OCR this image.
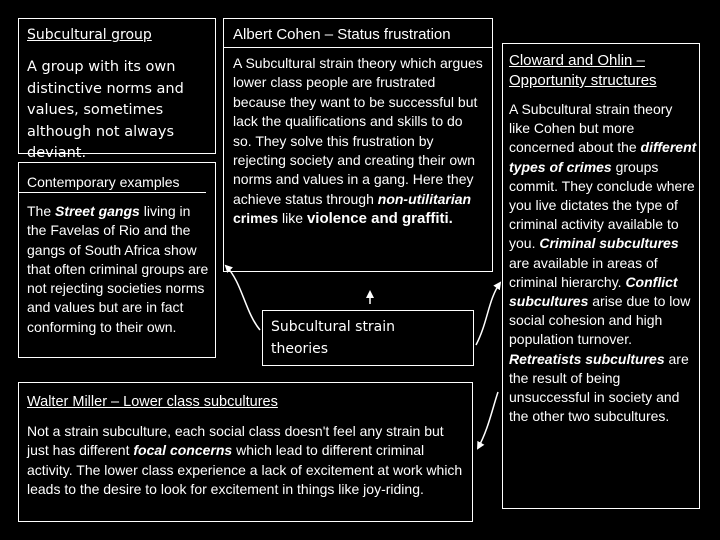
Subcultural group

A group with its own distinctive norms and values, sometimes although not always deviant.

Contemporary examples

The Street gangs living in the Favelas of Rio and the gangs of South Africa show that often criminal groups are not rejecting societies norms and values but are in fact conforming to their own.

Albert Cohen – Status frustration

A Subcultural strain theory which argues lower class people are frustrated because they want to be successful but lack the qualifications and skills to do so. They solve this frustration by rejecting society and creating their own norms and values in a gang. Here they achieve status through non-utilitarian crimes like violence and graffiti.

Subcultural strain theories

Walter Miller – Lower class subcultures

Not a strain subculture, each social class doesn't feel any strain but just has different focal concerns which lead to different criminal activity. The lower class experience a lack of excitement at work which leads to the desire to look for excitement in things like joy-riding.

Cloward and Ohlin – Opportunity structures

A Subcultural strain theory like Cohen but more concerned about the different types of crimes groups commit. They conclude where you live dictates the type of criminal activity available to you. Criminal subcultures are available in areas of criminal hierarchy. Conflict subcultures arise due to low social cohesion and high population turnover. Retreatists subcultures are the result of being unsuccessful in society and the other two subcultures.
